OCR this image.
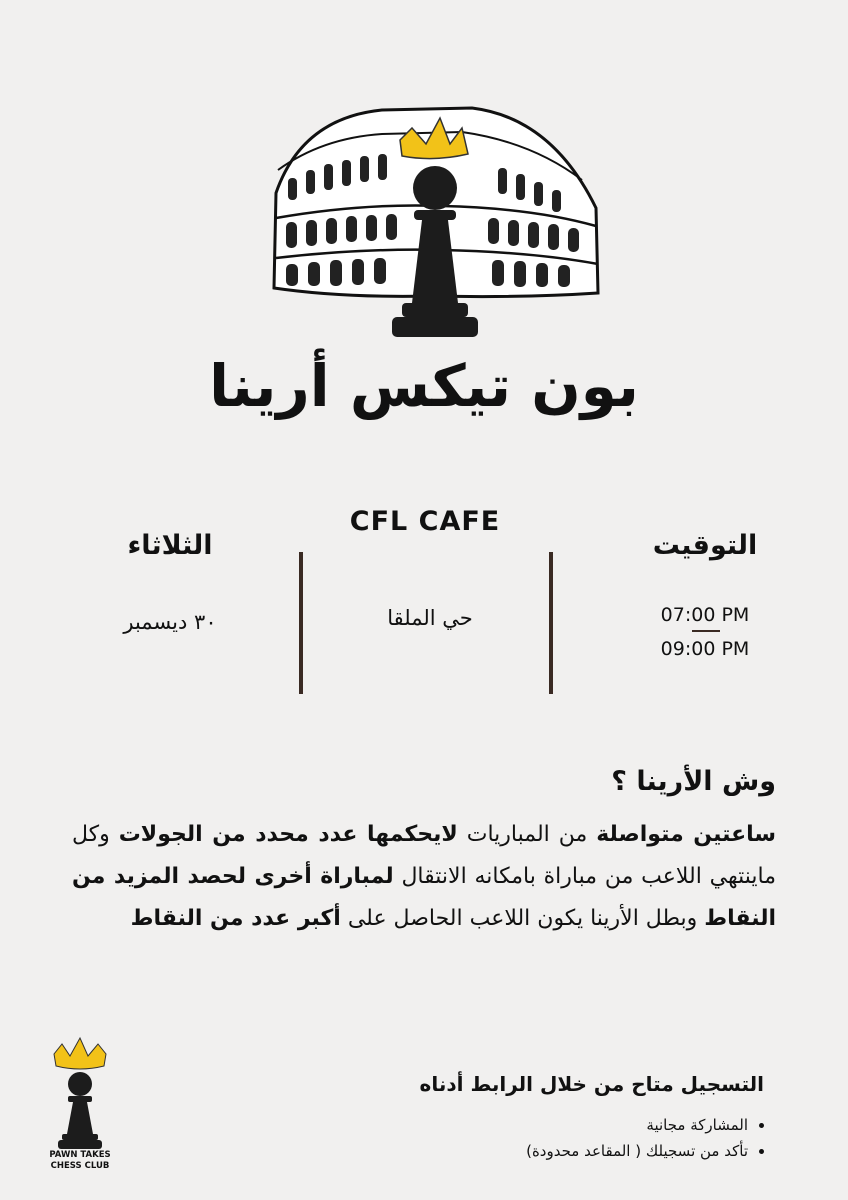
بون تيكس أرينا
الثلاثاء
٣٠ ديسمبر
CFL CAFE
حي الملقا
التوقيت
07:00 PM
09:00 PM
وش الأرينا ؟
ساعتين متواصلة من المباريات لايحكمها عدد محدد من الجولات وكل ماينتهي اللاعب من مباراة بامكانه الانتقال لمباراة أخرى لحصد المزيد من النقاط وبطل الأرينا يكون اللاعب الحاصل على أكبر عدد من النقاط
التسجيل متاح من خلال الرابط أدناه
• المشاركة مجانية
• تأكد من تسجيلك ( المقاعد محدودة)
PAWN TAKES
CHESS CLUB
